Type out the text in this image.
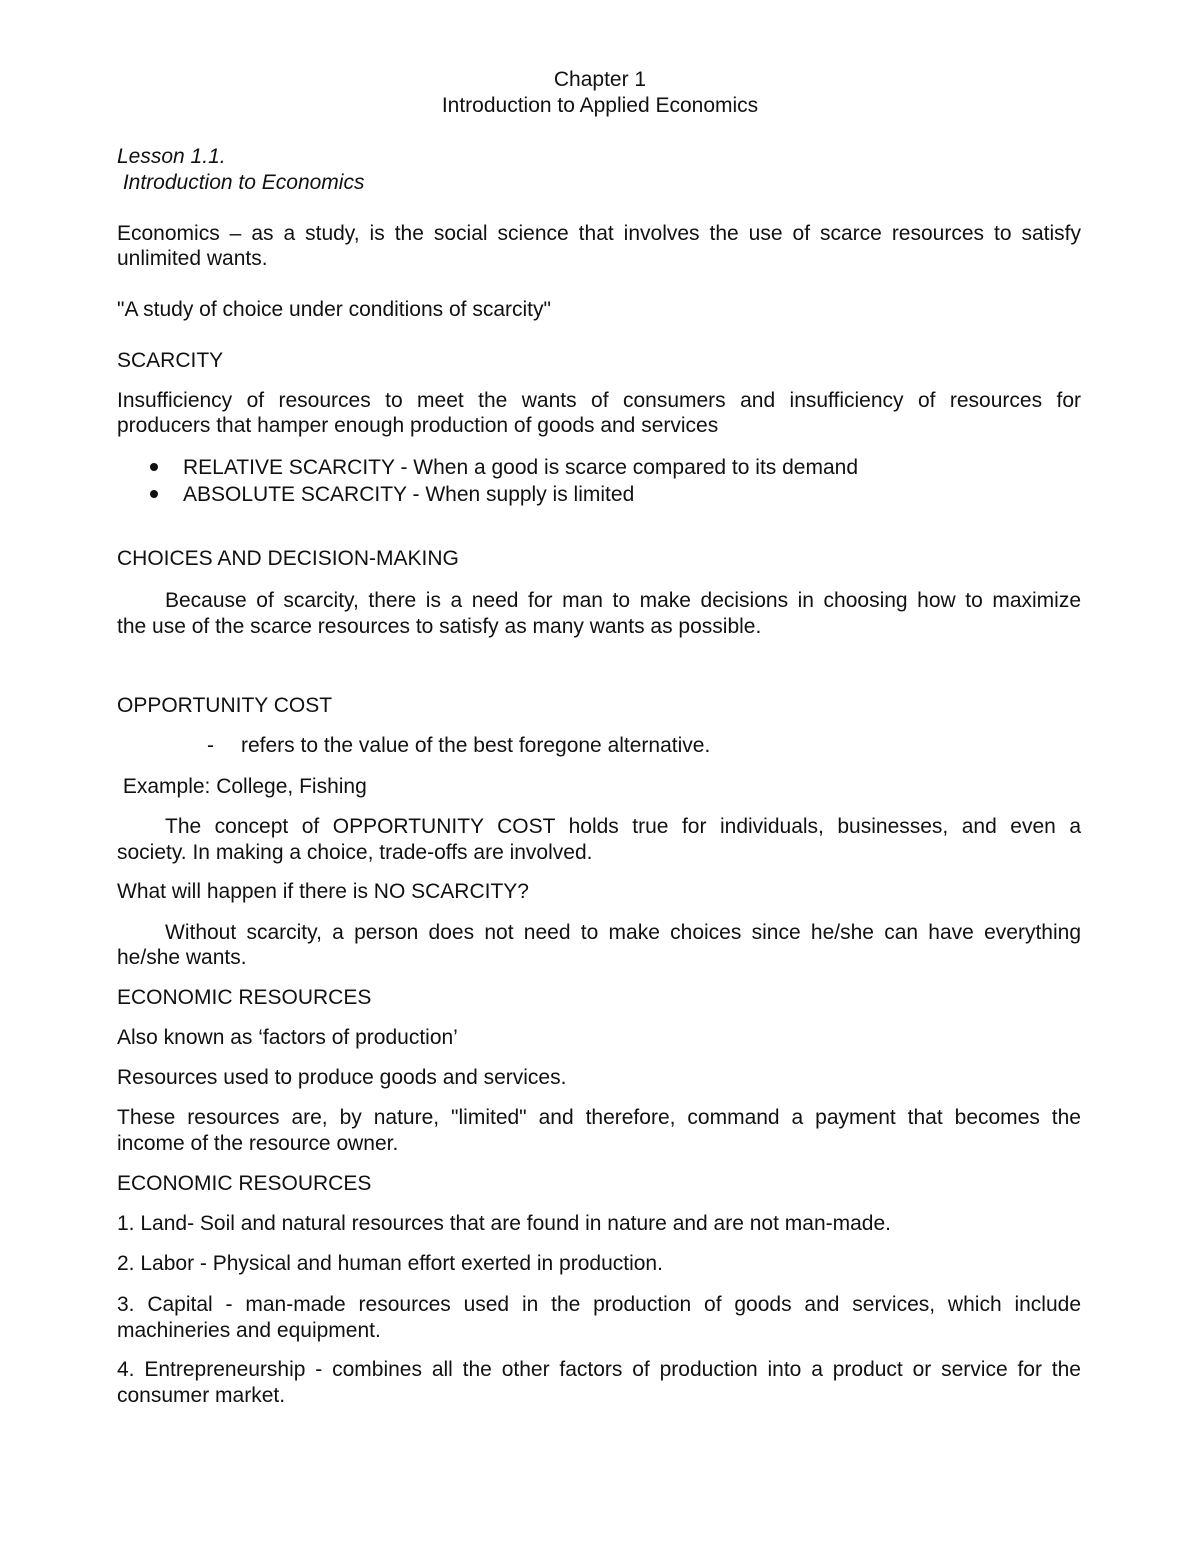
Chapter 1
Introduction to Applied Economics
Lesson 1.1.
Introduction to Economics
Economics – as a study, is the social science that involves the use of scarce resources to satisfy
unlimited wants.
"A study of choice under conditions of scarcity"
SCARCITY
Insufficiency of resources to meet the wants of consumers and insufficiency of resources for
producers that hamper enough production of goods and services
RELATIVE SCARCITY - When a good is scarce compared to its demand
ABSOLUTE SCARCITY - When supply is limited
CHOICES AND DECISION-MAKING
Because of scarcity, there is a need for man to make decisions in choosing how to maximize
the use of the scarce resources to satisfy as many wants as possible.
OPPORTUNITY COST
- refers to the value of the best foregone alternative.
Example: College, Fishing
The concept of OPPORTUNITY COST holds true for individuals, businesses, and even a
society. In making a choice, trade-offs are involved.
What will happen if there is NO SCARCITY?
Without scarcity, a person does not need to make choices since he/she can have everything
he/she wants.
ECONOMIC RESOURCES
Also known as ‘factors of production’
Resources used to produce goods and services.
These resources are, by nature, "limited" and therefore, command a payment that becomes the
income of the resource owner.
ECONOMIC RESOURCES
1. Land- Soil and natural resources that are found in nature and are not man-made.
2. Labor - Physical and human effort exerted in production.
3. Capital - man-made resources used in the production of goods and services, which include
machineries and equipment.
4. Entrepreneurship - combines all the other factors of production into a product or service for the
consumer market.
